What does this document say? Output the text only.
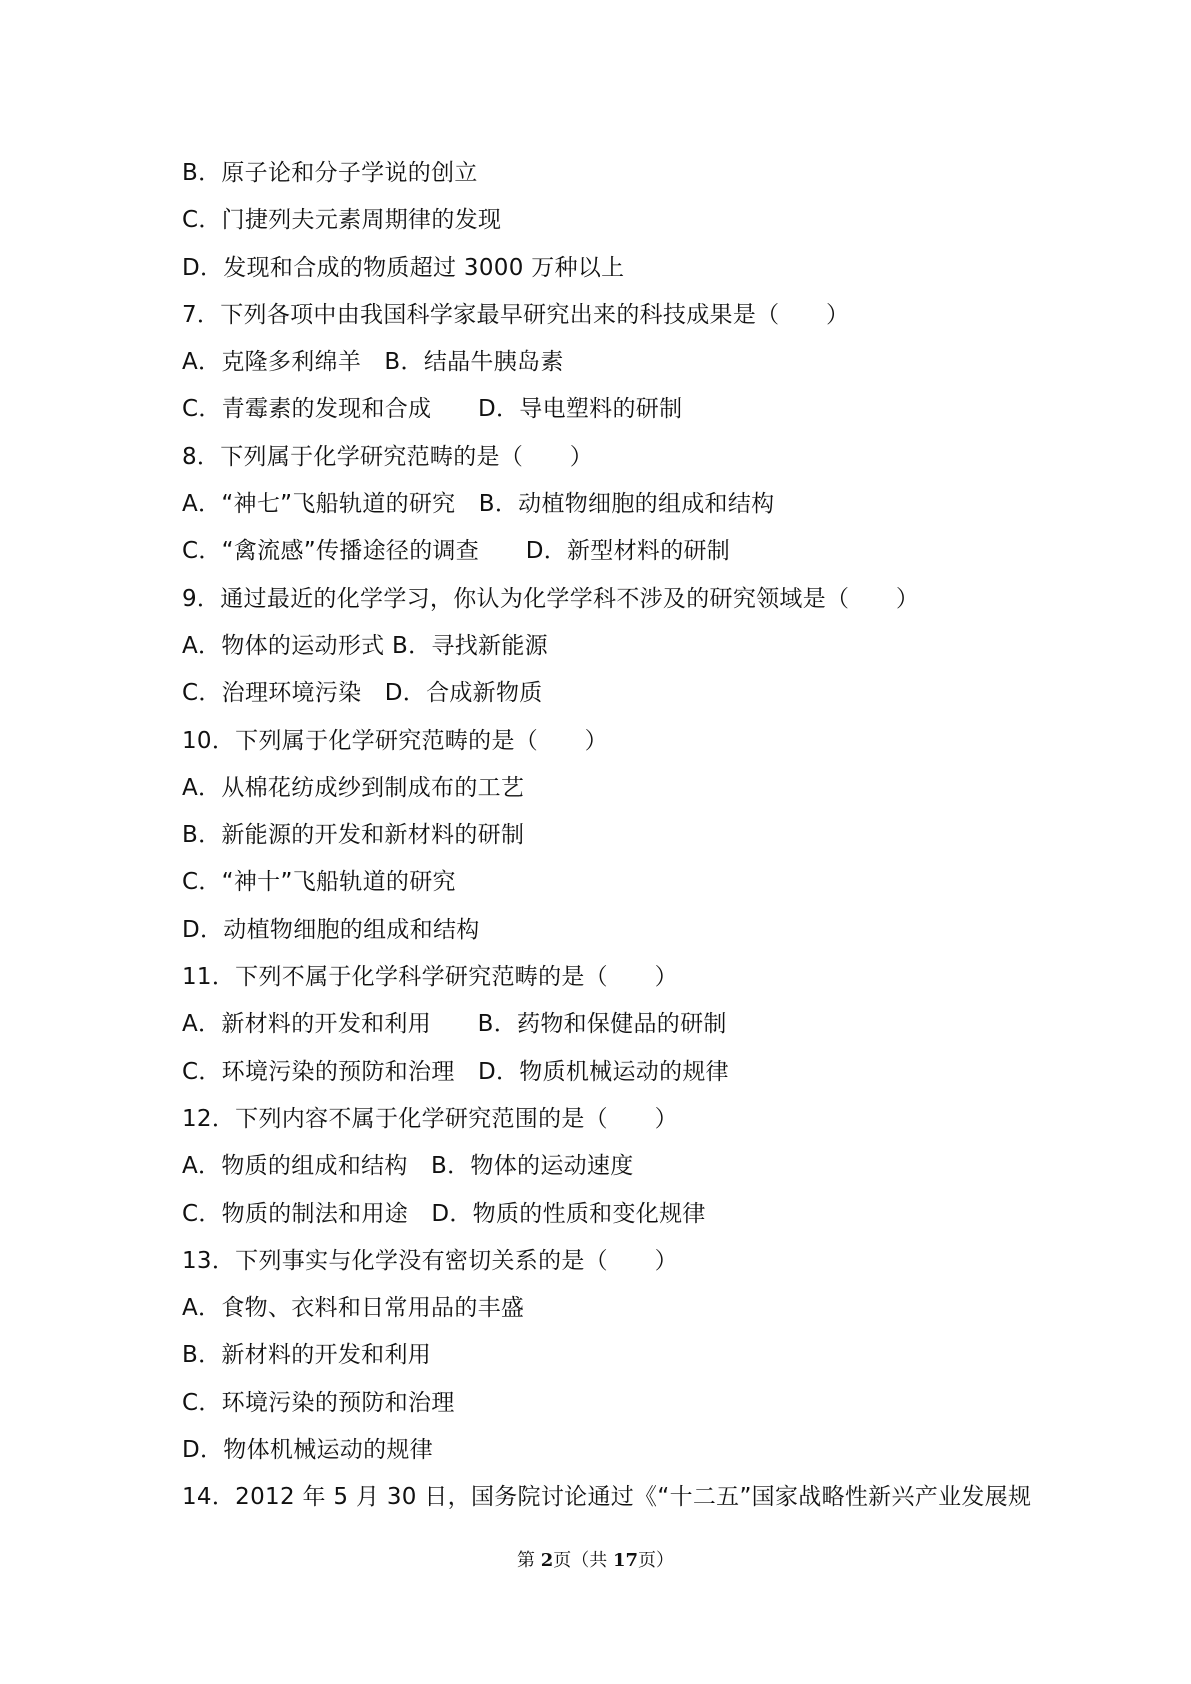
B．原子论和分子学说的创立
C．门捷列夫元素周期律的发现
D．发现和合成的物质超过 3000 万种以上
7．下列各项中由我国科学家最早研究出来的科技成果是（　　）
A．克隆多利绵羊　B．结晶牛胰岛素
C．青霉素的发现和合成　　D．导电塑料的研制
8．下列属于化学研究范畴的是（　　）
A．“神七”飞船轨道的研究　B．动植物细胞的组成和结构
C．“禽流感”传播途径的调查　　D．新型材料的研制
9．通过最近的化学学习，你认为化学学科不涉及的研究领域是（　　）
A．物体的运动形式 B．寻找新能源
C．治理环境污染　D．合成新物质
10．下列属于化学研究范畴的是（　　）
A．从棉花纺成纱到制成布的工艺
B．新能源的开发和新材料的研制
C．“神十”飞船轨道的研究
D．动植物细胞的组成和结构
11．下列不属于化学科学研究范畴的是（　　）
A．新材料的开发和利用　　B．药物和保健品的研制
C．环境污染的预防和治理　D．物质机械运动的规律
12．下列内容不属于化学研究范围的是（　　）
A．物质的组成和结构　B．物体的运动速度
C．物质的制法和用途　D．物质的性质和变化规律
13．下列事实与化学没有密切关系的是（　　）
A．食物、衣料和日常用品的丰盛
B．新材料的开发和利用
C．环境污染的预防和治理
D．物体机械运动的规律
14．2012 年 5 月 30 日，国务院讨论通过《“十二五”国家战略性新兴产业发展规
第 2页（共 17页）
